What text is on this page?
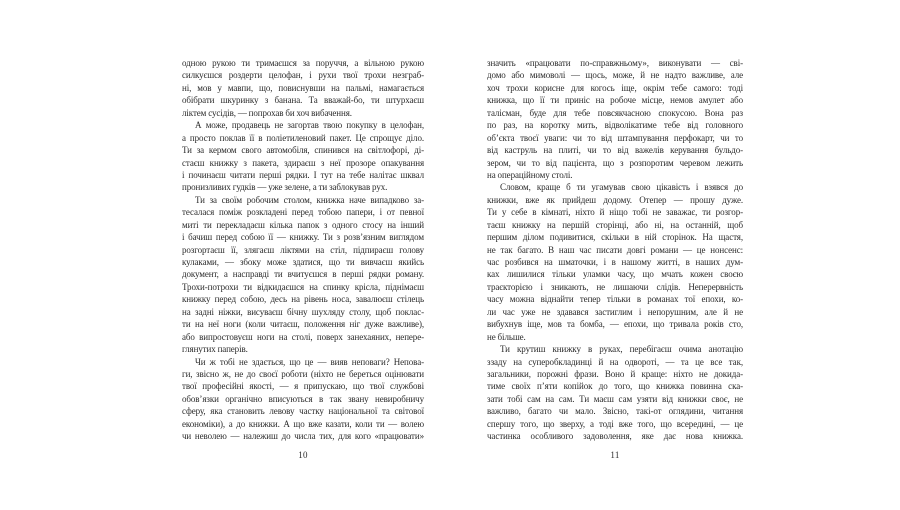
одною рукою ти тримаєшся за поруччя, а вільною рукою
силкуєшся роздерти целофан, і рухи твої трохи незграб-
ні, мов у мавпи, що, повиснувши на пальмі, намагається
обібрати шкуринку з банана. Та вважай-бо, ти штурхаєш
ліктем сусідів, — попрохав би хоч вибачення.
А може, продавець не загортав твою покупку в целофан,
а просто поклав її в поліетиленовий пакет. Це спрощує діло.
Ти за кермом свого автомобіля, спинився на світлофорі, ді-
стаєш книжку з пакета, здираєш з неї прозоре опакування
і починаєш читати перші рядки. І тут на тебе налітає шквал
пронизливих гудків — уже зелене, а ти заблокував рух.
Ти за своїм робочим столом, книжка наче випадково за-
тесалася поміж розкладені перед тобою папери, і от певної
миті ти перекладаєш кілька папок з одного стосу на інший
і бачиш перед собою її — книжку. Ти з розв’язним виглядом
розгортаєш її, злягаєш ліктями на стіл, підпираєш голову
кулаками, — збоку може здатися, що ти вивчаєш якийсь
документ, а насправді ти вчитуєшся в перші рядки роману.
Трохи-потрохи ти відкидаєшся на спинку крісла, піднімаєш
книжку перед собою, десь на рівень носа, завалюєш стілець
на задні ніжки, висуваєш бічну шухляду столу, щоб поклас-
ти на неї ноги (коли читаєш, положення ніг дуже важливе),
або випростовуєш ноги на столі, поверх занехаяних, непере-
глянутих паперів.
Чи ж тобі не здається, що це — вияв неповаги? Непова-
ги, звісно ж, не до своєї роботи (ніхто не береться оцінювати
твої професійні якості, — я припускаю, що твої службові
обов’язки органічно вписуються в так звану невиробничу
сферу, яка становить левову частку національної та світової
економіки), а до книжки. А що вже казати, коли ти — волею
чи неволею — належиш до числа тих, для кого «працювати»
10
значить «працювати по-справжньому», виконувати — сві-
домо або мимоволі — щось, може, й не надто важливе, але
хоч трохи корисне для когось іще, окрім тебе самого: тоді
книжка, що її ти приніс на робоче місце, немов амулет або
талісман, буде для тебе повсякчасною спокусою. Вона раз
по раз, на коротку мить, відволікатиме тебе від головного
об’єкта твоєї уваги: чи то від штампування перфокарт, чи то
від каструль на плиті, чи то від важелів керування бульдо-
зером, чи то від пацієнта, що з розпоротим черевом лежить
на операційному столі.
Словом, краще б ти угамував свою цікавість і взявся до
книжки, вже як прийдеш додому. Отепер — прошу дуже.
Ти у себе в кімнаті, ніхто й ніщо тобі не заважає, ти розгор-
таєш книжку на першій сторінці, або ні, на останній, щоб
першим ділом подивитися, скільки в ній сторінок. На щастя,
не так багато. В наш час писати довгі романи — це нонсенс:
час розбився на шматочки, і в нашому житті, в наших дум-
ках лишилися тільки уламки часу, що мчать кожен своєю
траєкторією і зникають, не лишаючи слідів. Неперервність
часу можна віднайти тепер тільки в романах тої епохи, ко-
ли час уже не здавався застиглим і непорушним, але й не
вибухнув іще, мов та бомба, — епохи, що тривала років сто,
не більше.
Ти крутиш книжку в руках, перебігаєш очима анотацію
ззаду на суперобкладинці й на одвороті, — та це все так,
загальники, порожні фрази. Воно й краще: ніхто не докида-
тиме своїх п’яти копійок до того, що книжка повинна ска-
зати тобі сам на сам. Ти маєш сам узяти від книжки своє, не
важливо, багато чи мало. Звісно, такі-от оглядини, читання
спершу того, що зверху, а тоді вже того, що всередині, — це
частинка особливого задоволення, яке дає нова книжка.
11
